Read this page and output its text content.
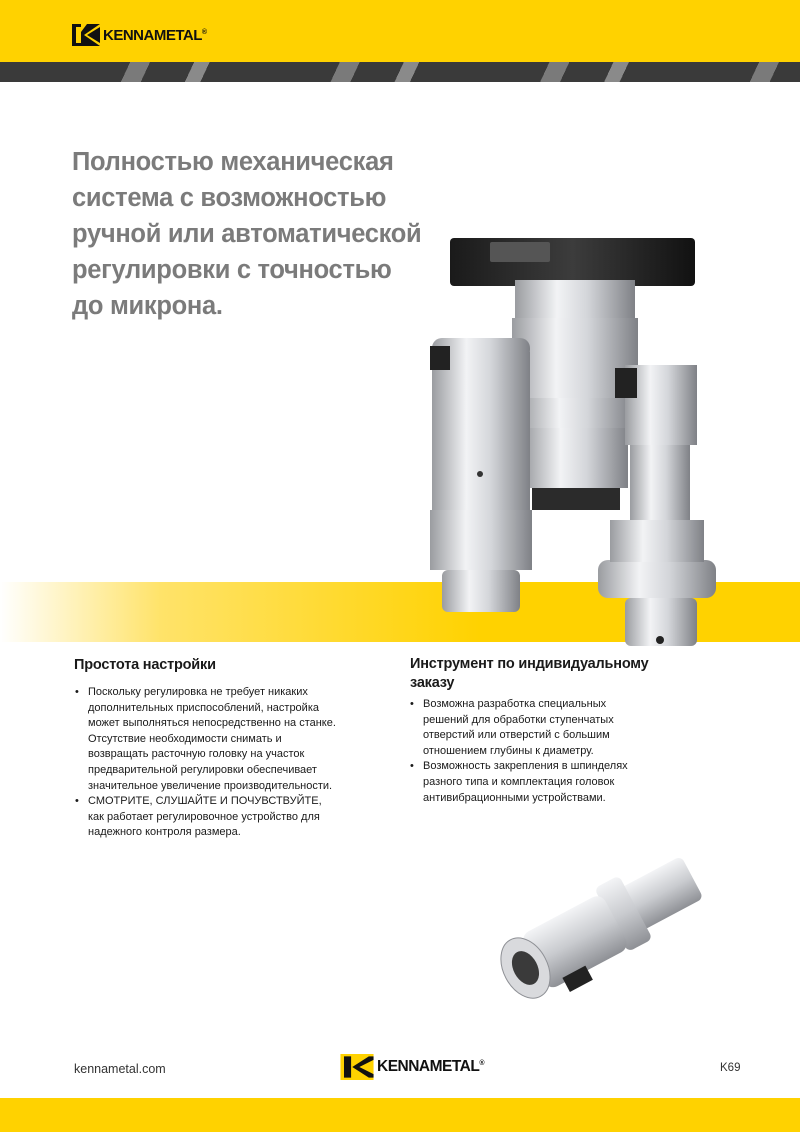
KENNAMETAL®
Полностью механическая
система с возможностью
ручной или автоматической
регулировки с точностью
до микрона.
Простота настройки
• Поскольку регулировка не требует никаких дополнительных приспособлений, настройка может выполняться непосредственно на станке. Отсутствие необходимости снимать и возвращать расточную головку на участок предварительной регулировки обеспечивает значительное увеличение производительности.
• СМОТРИТЕ, СЛУШАЙТЕ И ПОЧУВСТВУЙТЕ, как работает регулировочное устройство для надежного контроля размера.
Инструмент по индивидуальному заказу
• Возможна разработка специальных решений для обработки ступенчатых отверстий или отверстий с большим отношением глубины к диаметру.
• Возможность закрепления в шпинделях разного типа и комплектация головок антивибрационными устройствами.
kennametal.com	KENNAMETAL®	K69
